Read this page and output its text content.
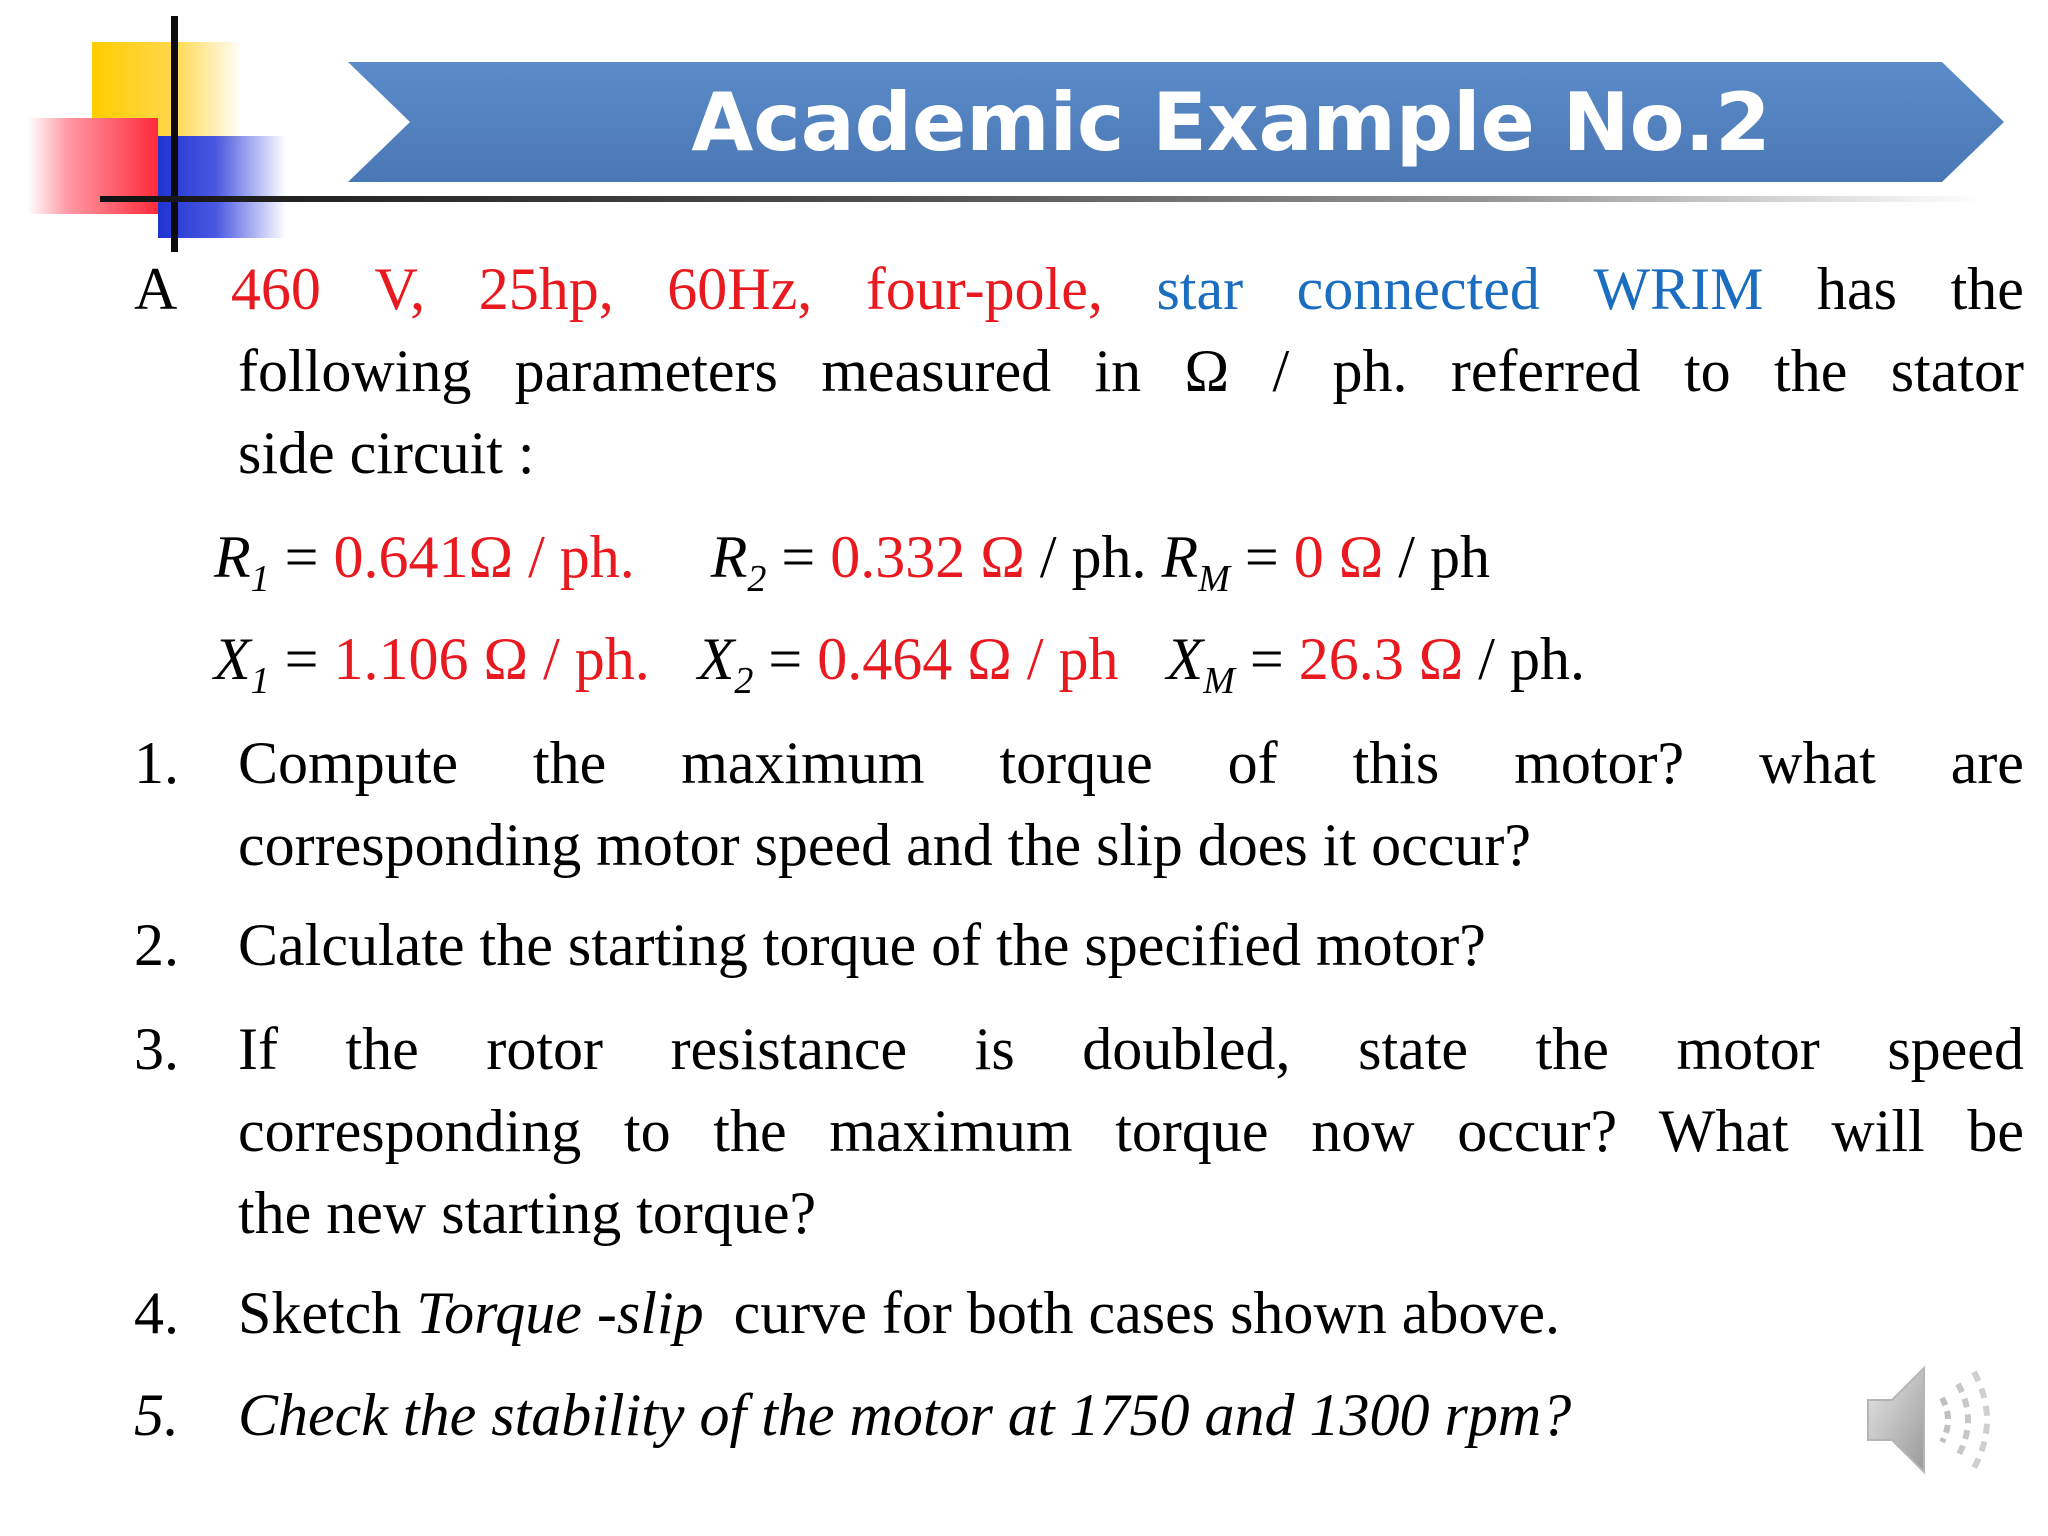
Academic Example No.2
A 460 V, 25hp, 60Hz, four-pole, star connected WRIM has the
following parameters measured in Ω / ph. referred to the stator
side circuit :
$R_1 = 0.641\Omega$ / ph. $R_2 = 0.332$ Ω / ph. $R_M = 0$ Ω / ph
$X_1 = 1.106$ Ω / ph. $X_2 = 0.464$ Ω / ph $X_M = 26.3$ Ω / ph.
1. Compute the maximum torque of this motor? what are
corresponding motor speed and the slip does it occur?
2. Calculate the starting torque of the specified motor?
3. If the rotor resistance is doubled, state the motor speed
corresponding to the maximum torque now occur? What will be
the new starting torque?
4. Sketch Torque -slip  curve for both cases shown above.
5. Check the stability of the motor at 1750 and 1300 rpm?
